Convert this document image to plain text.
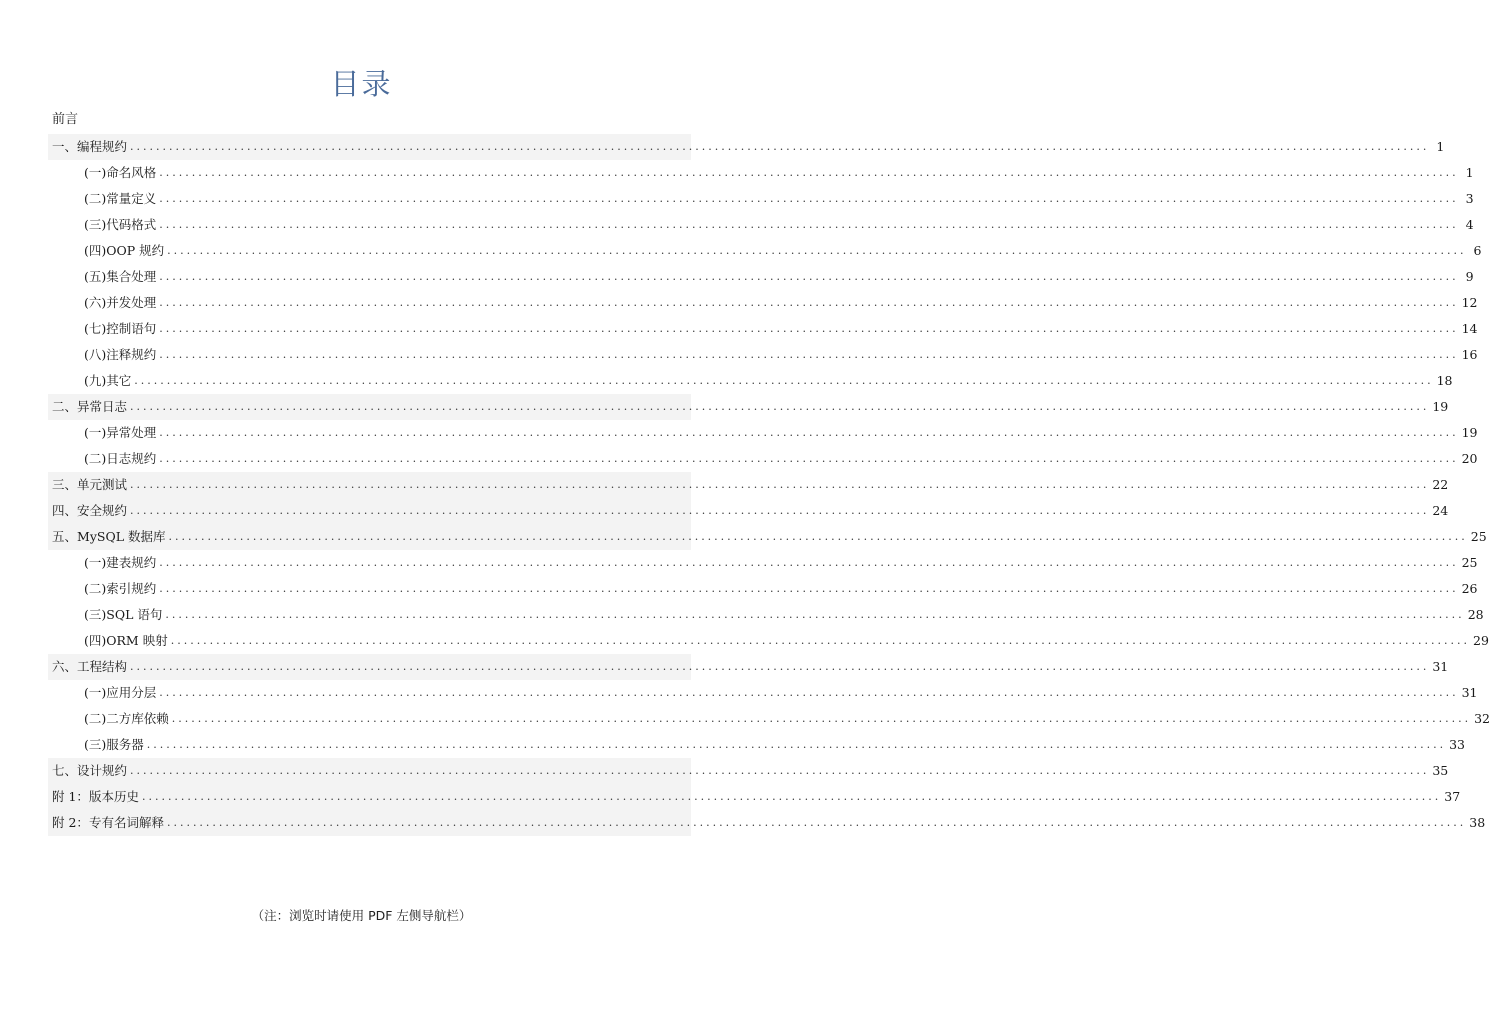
目录
前言
一、 编程规约 ........................................................................................................................................................................................................ 1
(一) 命名风格 ........................................................................................................................................................................................................ 1
(二) 常量定义 ........................................................................................................................................................................................................ 3
(三) 代码格式 ........................................................................................................................................................................................................ 4
(四) OOP 规约 ........................................................................................................................................................................................................ 6
(五) 集合处理 ........................................................................................................................................................................................................ 9
(六) 并发处理 ........................................................................................................................................................................................................ 12
(七) 控制语句 ........................................................................................................................................................................................................ 14
(八) 注释规约 ........................................................................................................................................................................................................ 16
(九) 其它 ........................................................................................................................................................................................................ 18
二、 异常日志 ........................................................................................................................................................................................................ 19
(一) 异常处理 ........................................................................................................................................................................................................ 19
(二) 日志规约 ........................................................................................................................................................................................................ 20
三、 单元测试 ........................................................................................................................................................................................................ 22
四、 安全规约 ........................................................................................................................................................................................................ 24
五、 MySQL 数据库 ........................................................................................................................................................................................................ 25
(一) 建表规约 ........................................................................................................................................................................................................ 25
(二) 索引规约 ........................................................................................................................................................................................................ 26
(三) SQL 语句 ........................................................................................................................................................................................................ 28
(四) ORM 映射 ........................................................................................................................................................................................................ 29
六、 工程结构 ........................................................................................................................................................................................................ 31
(一) 应用分层 ........................................................................................................................................................................................................ 31
(二) 二方库依赖 ........................................................................................................................................................................................................ 32
(三) 服务器 ........................................................................................................................................................................................................ 33
七、 设计规约 ........................................................................................................................................................................................................ 35
附 1： 版本历史 ........................................................................................................................................................................................................ 37
附 2： 专有名词解释 ........................................................................................................................................................................................................ 38
（注：浏览时请使用 PDF 左侧导航栏）
